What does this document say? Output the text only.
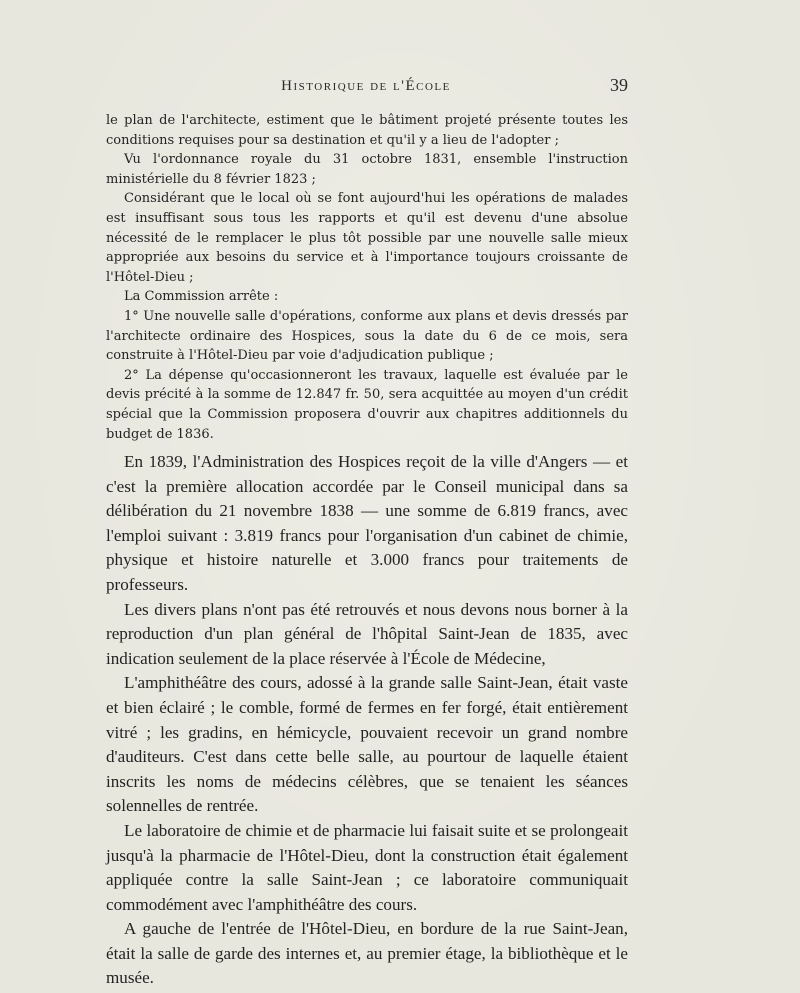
Historique de l'École	39

le plan de l'architecte, estiment que le bâtiment projeté présente toutes les conditions requises pour sa destination et qu'il y a lieu de l'adopter ;

Vu l'ordonnance royale du 31 octobre 1831, ensemble l'instruction ministérielle du 8 février 1823 ;

Considérant que le local où se font aujourd'hui les opérations de malades est insuffisant sous tous les rapports et qu'il est devenu d'une absolue nécessité de le remplacer le plus tôt possible par une nouvelle salle mieux appropriée aux besoins du service et à l'importance toujours croissante de l'Hôtel-Dieu ;

La Commission arrête :

1° Une nouvelle salle d'opérations, conforme aux plans et devis dressés par l'architecte ordinaire des Hospices, sous la date du 6 de ce mois, sera construite à l'Hôtel-Dieu par voie d'adjudication publique ;

2° La dépense qu'occasionneront les travaux, laquelle est évaluée par le devis précité à la somme de 12.847 fr. 50, sera acquittée au moyen d'un crédit spécial que la Commission proposera d'ouvrir aux chapitres additionnels du budget de 1836.

En 1839, l'Administration des Hospices reçoit de la ville d'Angers — et c'est la première allocation accordée par le Conseil municipal dans sa délibération du 21 novembre 1838 — une somme de 6.819 francs, avec l'emploi suivant : 3.819 francs pour l'organisation d'un cabinet de chimie, physique et histoire naturelle et 3.000 francs pour traitements de professeurs.

Les divers plans n'ont pas été retrouvés et nous devons nous borner à la reproduction d'un plan général de l'hôpital Saint-Jean de 1835, avec indication seulement de la place réservée à l'École de Médecine,

L'amphithéâtre des cours, adossé à la grande salle Saint-Jean, était vaste et bien éclairé ; le comble, formé de fermes en fer forgé, était entièrement vitré ; les gradins, en hémicycle, pouvaient recevoir un grand nombre d'auditeurs. C'est dans cette belle salle, au pourtour de laquelle étaient inscrits les noms de médecins célèbres, que se tenaient les séances solennelles de rentrée.

Le laboratoire de chimie et de pharmacie lui faisait suite et se prolongeait jusqu'à la pharmacie de l'Hôtel-Dieu, dont la construction était également appliquée contre la salle Saint-Jean ; ce laboratoire communiquait commodément avec l'amphithéâtre des cours.

A gauche de l'entrée de l'Hôtel-Dieu, en bordure de la rue Saint-Jean, était la salle de garde des internes et, au premier étage, la bibliothèque et le musée.
